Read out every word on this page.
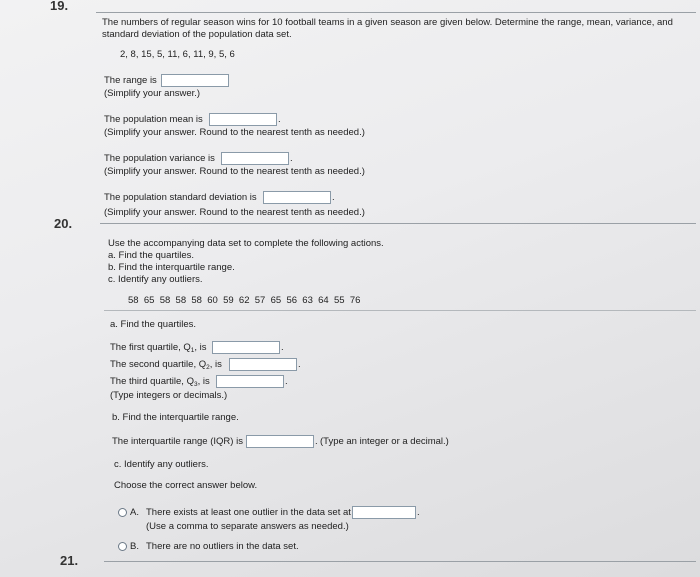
19.
The numbers of regular season wins for 10 football teams in a given season are given below. Determine the range, mean, variance, and
standard deviation of the population data set.
2, 8, 15, 5, 11, 6, 11, 9, 5, 6
The range is
(Simplify your answer.)
The population mean is	.
(Simplify your answer. Round to the nearest tenth as needed.)
The population variance is	.
(Simplify your answer. Round to the nearest tenth as needed.)
The population standard deviation is	.
(Simplify your answer. Round to the nearest tenth as needed.)
20.
Use the accompanying data set to complete the following actions.
a. Find the quartiles.
b. Find the interquartile range.
c. Identify any outliers.
58  65  58  58  58  60  59  62  57  65  56  63  64  55  76
a. Find the quartiles.
The first quartile, $Q_1$, is	.
The second quartile, $Q_2$, is	.
The third quartile, $Q_3$, is	.
(Type integers or decimals.)
b. Find the interquartile range.
The interquartile range (IQR) is	. (Type an integer or a decimal.)
c. Identify any outliers.
Choose the correct answer below.
A. There exists at least one outlier in the data set at	.
(Use a comma to separate answers as needed.)
B. There are no outliers in the data set.
21.
